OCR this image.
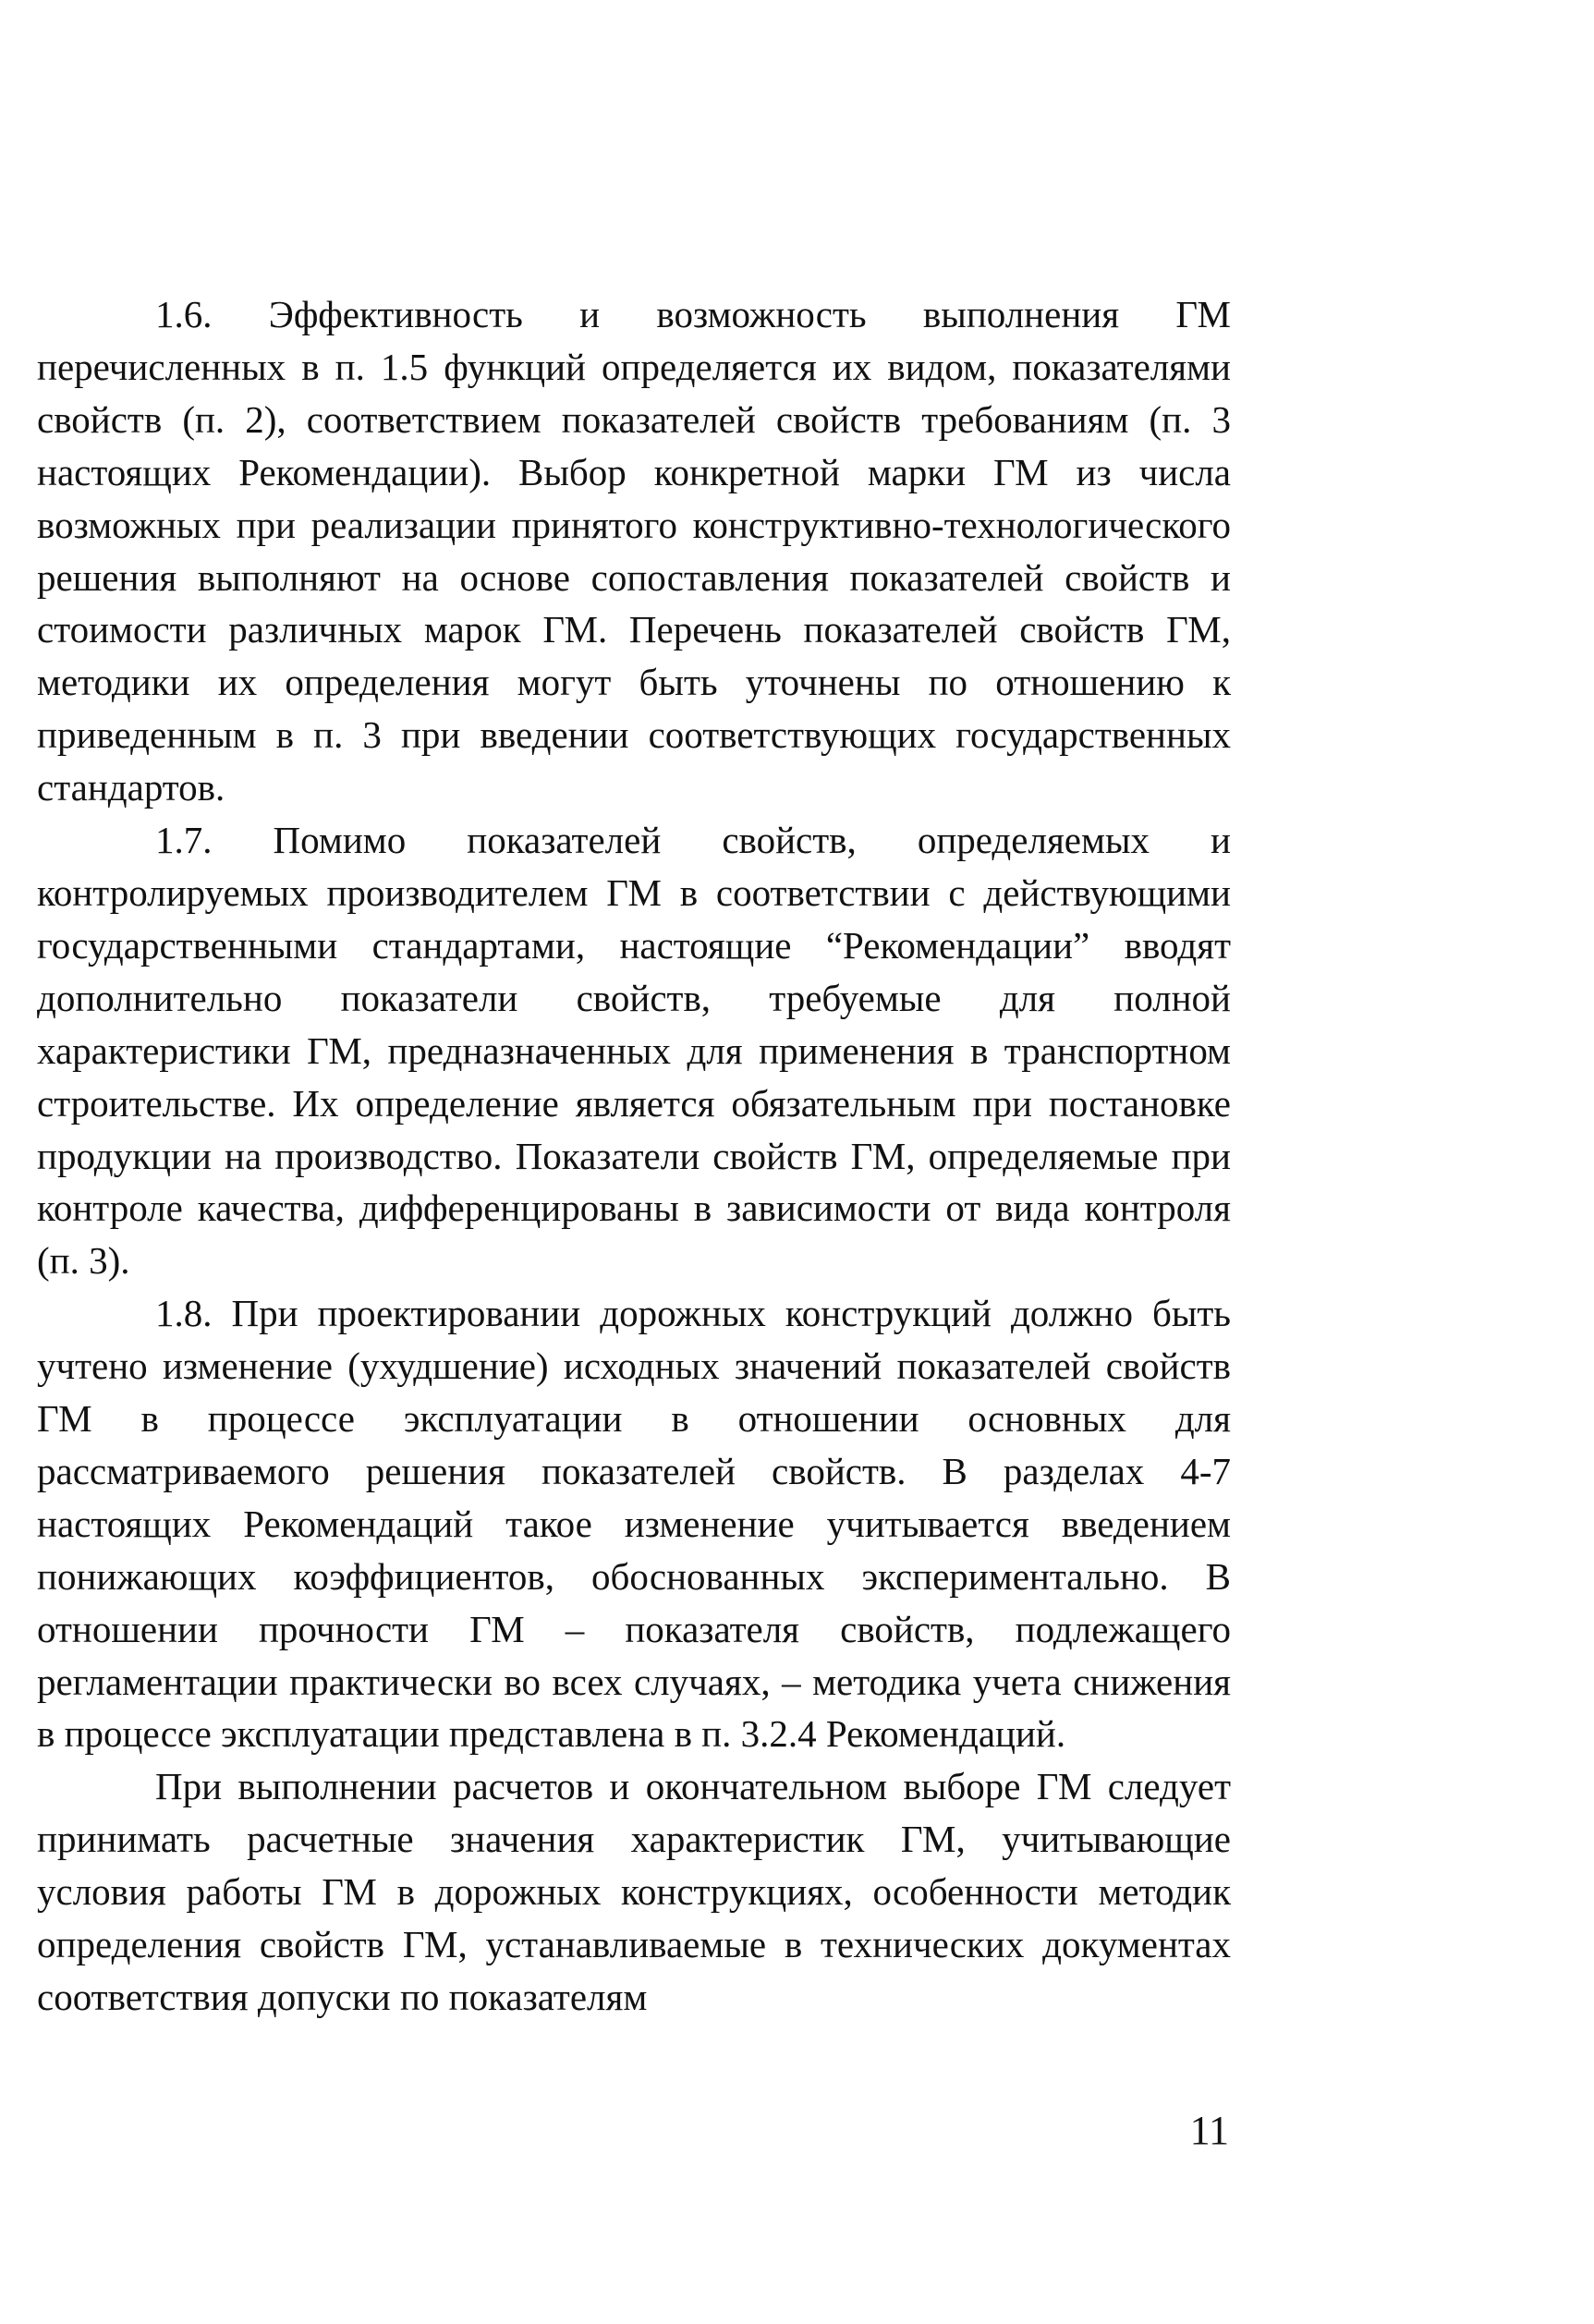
1.6. Эффективность и возможность выполнения ГМ перечисленных в п. 1.5 функций определяется их видом, показателями свойств (п. 2), соответствием показателей свойств требованиям (п. 3 настоящих Рекомендации). Выбор конкретной марки ГМ из числа возможных при реализации принятого конструктивно-технологического решения выполняют на основе сопоставления показателей свойств и стоимости различных марок ГМ. Перечень показателей свойств ГМ, методики их определения могут быть уточнены по отношению к приведенным в п. 3 при введении соответствующих государственных стандартов.

1.7. Помимо показателей свойств, определяемых и контролируемых производителем ГМ в соответствии с действующими государственными стандартами, настоящие “Рекомендации” вводят дополнительно показатели свойств, требуемые для полной характеристики ГМ, предназначенных для применения в транспортном строительстве. Их определение является обязательным при постановке продукции на производство. Показатели свойств ГМ, определяемые при контроле качества, дифференцированы в зависимости от вида контроля (п. 3).

1.8. При проектировании дорожных конструкций должно быть учтено изменение (ухудшение) исходных значений показателей свойств ГМ в процессе эксплуатации в отношении основных для рассматриваемого решения показателей свойств. В разделах 4-7 настоящих Рекомендаций такое изменение учитывается введением понижающих коэффициентов, обоснованных экспериментально. В отношении прочности ГМ – показателя свойств, подлежащего регламентации практически во всех случаях, – методика учета снижения в процессе эксплуатации представлена в п. 3.2.4 Рекомендаций.

При выполнении расчетов и окончательном выборе ГМ следует принимать расчетные значения характеристик ГМ, учитывающие условия работы ГМ в дорожных конструкциях, особенности методик определения свойств ГМ, устанавливаемые в технических документах соответствия допуски по показателям

11
